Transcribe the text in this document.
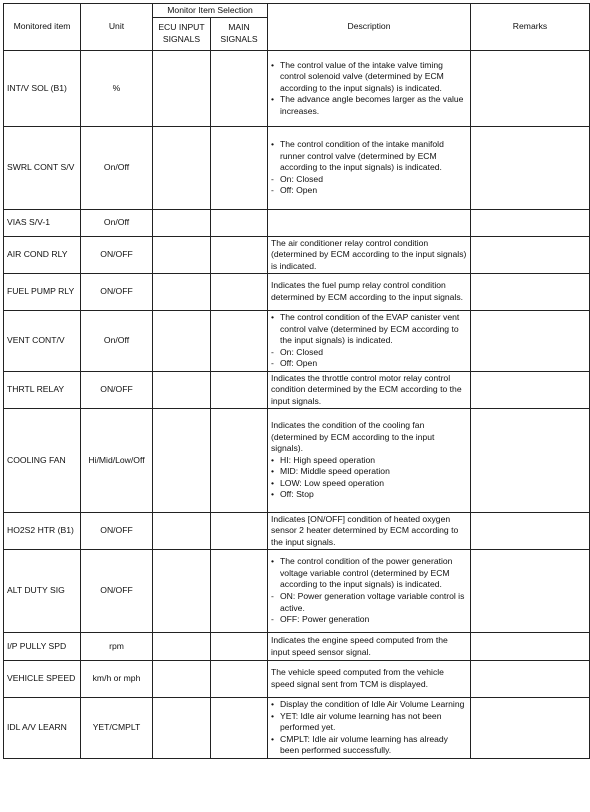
Monitored item	Unit	Monitor Item Selection		Description	Remarks
		ECU INPUT SIGNALS	MAIN SIGNALS		
INT/V SOL (B1)	%			• The control value of the intake valve timing control solenoid valve (determined by ECM according to the input signals) is indicated.
• The advance angle becomes larger as the value increases.

SWRL CONT S/V	On/Off			• The control condition of the intake manifold runner control valve (determined by ECM according to the input signals) is indicated.
- On: Closed
- Off: Open

VIAS S/V-1	On/Off				
AIR COND RLY	ON/OFF			The air conditioner relay control condition (determined by ECM according to the input signals) is indicated.	

FUEL PUMP RLY	ON/OFF			Indicates the fuel pump relay control condition determined by ECM according to the input signals.	

VENT CONT/V	On/Off			• The control condition of the EVAP canister vent control valve (determined by ECM according to the input signals) is indicated.
- On: Closed
- Off: Open

THRTL RELAY	ON/OFF			Indicates the throttle control motor relay control condition determined by the ECM according to the input signals.	

COOLING FAN	Hi/Mid/Low/Off			Indicates the condition of the cooling fan (determined by ECM according to the input signals).
• HI: High speed operation
• MID: Middle speed operation
• LOW: Low speed operation
• Off: Stop

HO2S2 HTR (B1)	ON/OFF			Indicates [ON/OFF] condition of heated oxygen sensor 2 heater determined by ECM according to the input signals.	

ALT DUTY SIG	ON/OFF			• The control condition of the power generation voltage variable control (determined by ECM according to the input signals) is indicated.
- ON: Power generation voltage variable control is active.
- OFF: Power generation

I/P PULLY SPD	rpm			Indicates the engine speed computed from the input speed sensor signal.	

VEHICLE SPEED	km/h or mph			The vehicle speed computed from the vehicle speed signal sent from TCM is displayed.	

IDL A/V LEARN	YET/CMPLT			• Display the condition of Idle Air Volume Learning
• YET: Idle air volume learning has not been performed yet.
• CMPLT: Idle air volume learning has already been performed successfully.
